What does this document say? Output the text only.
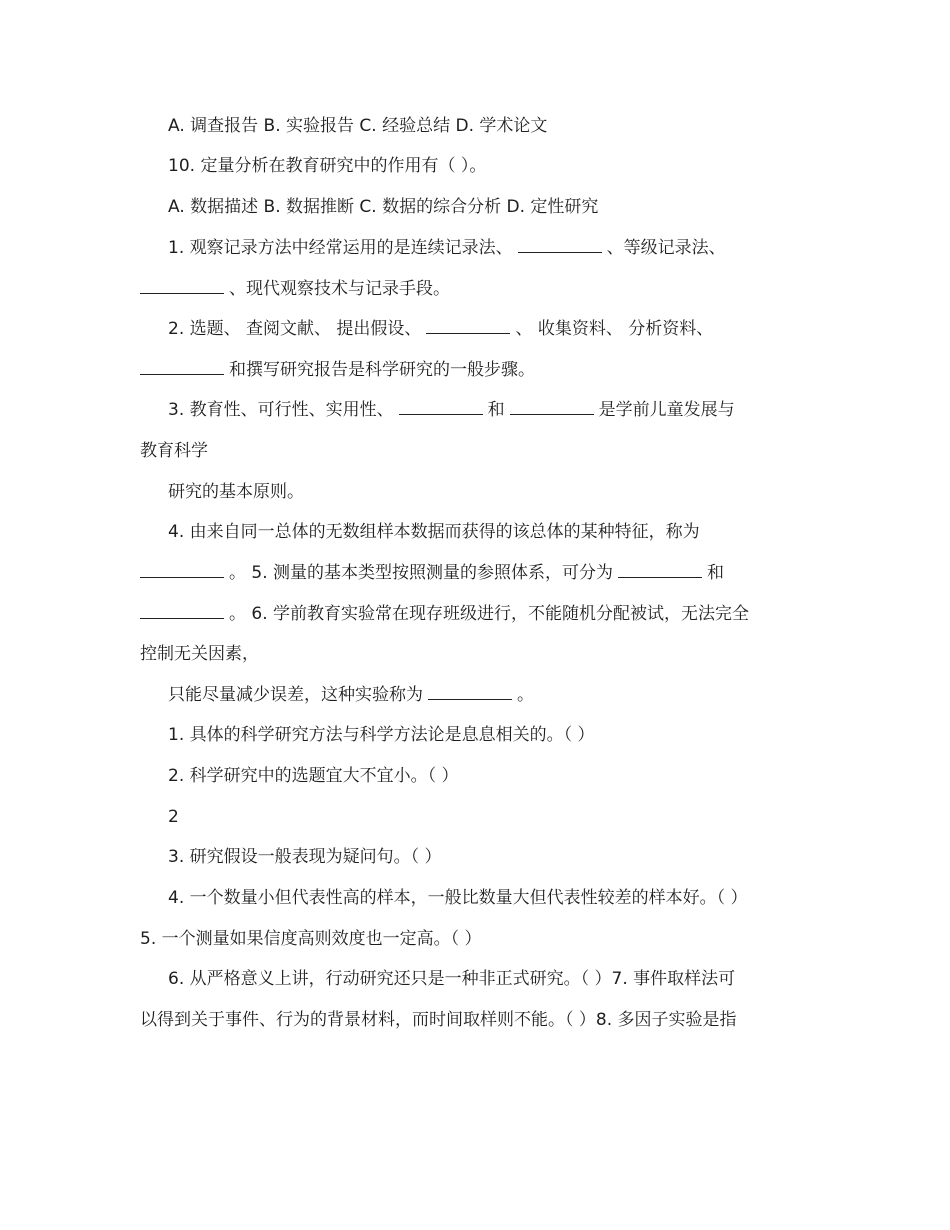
A. 调查报告 B. 实验报告 C. 经验总结 D. 学术论文
10. 定量分析在教育研究中的作用有（ ）。
A. 数据描述 B. 数据推断 C. 数据的综合分析 D. 定性研究
1. 观察记录方法中经常运用的是连续记录法、	、等级记录法、
、现代观察技术与记录手段。
2. 选题、 查阅文献、 提出假设、	、 收集资料、 分析资料、
和撰写研究报告是科学研究的一般步骤。
3. 教育性、可行性、实用性、	和	是学前儿童发展与
教育科学
研究的基本原则。
4. 由来自同一总体的无数组样本数据而获得的该总体的某种特征，称为
。 5. 测量的基本类型按照测量的参照体系，可分为	和
。 6. 学前教育实验常在现存班级进行，不能随机分配被试，无法完全
控制无关因素，
只能尽量减少误差，这种实验称为	。
1. 具体的科学研究方法与科学方法论是息息相关的。（ ）
2. 科学研究中的选题宜大不宜小。（ ）
2
3. 研究假设一般表现为疑问句。（ ）
4. 一个数量小但代表性高的样本，一般比数量大但代表性较差的样本好。（ ）
5. 一个测量如果信度高则效度也一定高。（ ）
6. 从严格意义上讲，行动研究还只是一种非正式研究。（ ）7. 事件取样法可
以得到关于事件、行为的背景材料，而时间取样则不能。（ ）8. 多因子实验是指
